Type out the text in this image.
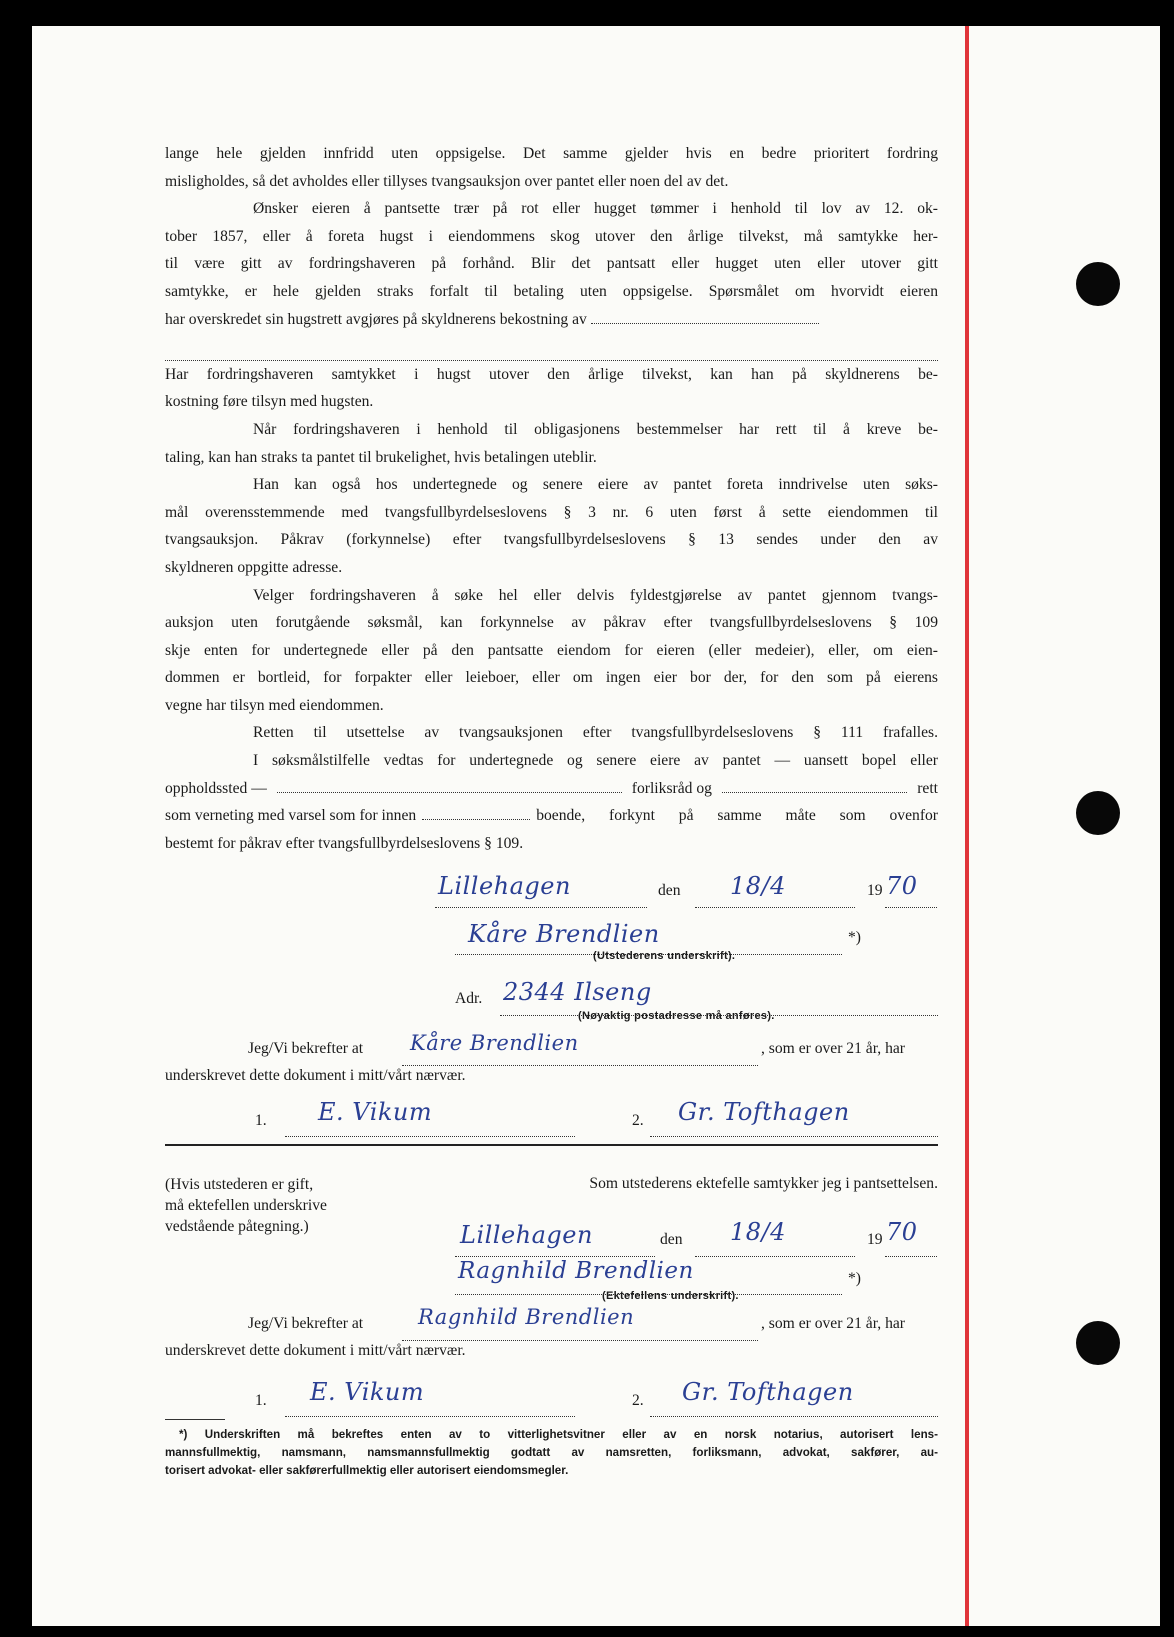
lange hele gjelden innfridd uten oppsigelse. Det samme gjelder hvis en bedre prioritert fordring

misligholdes, så det avholdes eller tillyses tvangsauksjon over pantet eller noen del av det.

Ønsker eieren å pantsette trær på rot eller hugget tømmer i henhold til lov av 12. ok-

tober 1857, eller å foreta hugst i eiendommens skog utover den årlige tilvekst, må samtykke her-

til være gitt av fordringshaveren på forhånd. Blir det pantsatt eller hugget uten eller utover gitt

samtykke, er hele gjelden straks forfalt til betaling uten oppsigelse. Spørsmålet om hvorvidt eieren

har overskredet sin hugstrett avgjøres på skyldnerens bekostning av

Har fordringshaveren samtykket i hugst utover den årlige tilvekst, kan han på skyldnerens be-

kostning føre tilsyn med hugsten.

Når fordringshaveren i henhold til obligasjonens bestemmelser har rett til å kreve be-

taling, kan han straks ta pantet til brukelighet, hvis betalingen uteblir.

Han kan også hos undertegnede og senere eiere av pantet foreta inndrivelse uten søks-

mål overensstemmende med tvangsfullbyrdelseslovens § 3 nr. 6 uten først å sette eiendommen til

tvangsauksjon. Påkrav (forkynnelse) efter tvangsfullbyrdelseslovens § 13 sendes under den av

skyldneren oppgitte adresse.

Velger fordringshaveren å søke hel eller delvis fyldestgjørelse av pantet gjennom tvangs-

auksjon uten forutgående søksmål, kan forkynnelse av påkrav efter tvangsfullbyrdelseslovens § 109

skje enten for undertegnede eller på den pantsatte eiendom for eieren (eller medeier), eller, om eien-

dommen er bortleid, for forpakter eller leieboer, eller om ingen eier bor der, for den som på eierens

vegne har tilsyn med eiendommen.

Retten til utsettelse av tvangsauksjonen efter tvangsfullbyrdelseslovens § 111 frafalles.

I søksmålstilfelle vedtas for undertegnede og senere eiere av pantet — uansett bopel eller

oppholdssted —	forliksråd og	rett

som verneting med varsel som for innen	boende, forkynt på samme måte som ovenfor

bestemt for påkrav efter tvangsfullbyrdelseslovens § 109.

Lillehagen	den 18/4	19 70
Kåre Brendlien	*)
(Utstederens underskrift).
Adr. 2344 Ilseng
(Nøyaktig postadresse må anføres).
Jeg/Vi bekrefter at Kåre Brendlien	, som er over 21 år, har
underskrevet dette dokument i mitt/vårt nærvær.
1. E. Vikum	2. Gr. Tofthagen
(Hvis utstederen er gift,
må ektefellen underskrive
vedstående påtegning.)
Som utstederens ektefelle samtykker jeg i pantsettelsen.
Lillehagen	den 18/4	19 70
Ragnhild Brendlien	*)
(Ektefellens underskrift).
Jeg/Vi bekrefter at	Ragnhild Brendlien	, som er over 21 år, har
underskrevet dette dokument i mitt/vårt nærvær.
1. E. Vikum	2. Gr. Tofthagen

*) Underskriften må bekreftes enten av to vitterlighetsvitner eller av en norsk notarius, autorisert lens-

mannsfullmektig, namsmann, namsmannsfullmektig godtatt av namsretten, forliksmann, advokat, sakfører, au-

torisert advokat- eller sakførerfullmektig eller autorisert eiendomsmegler.
